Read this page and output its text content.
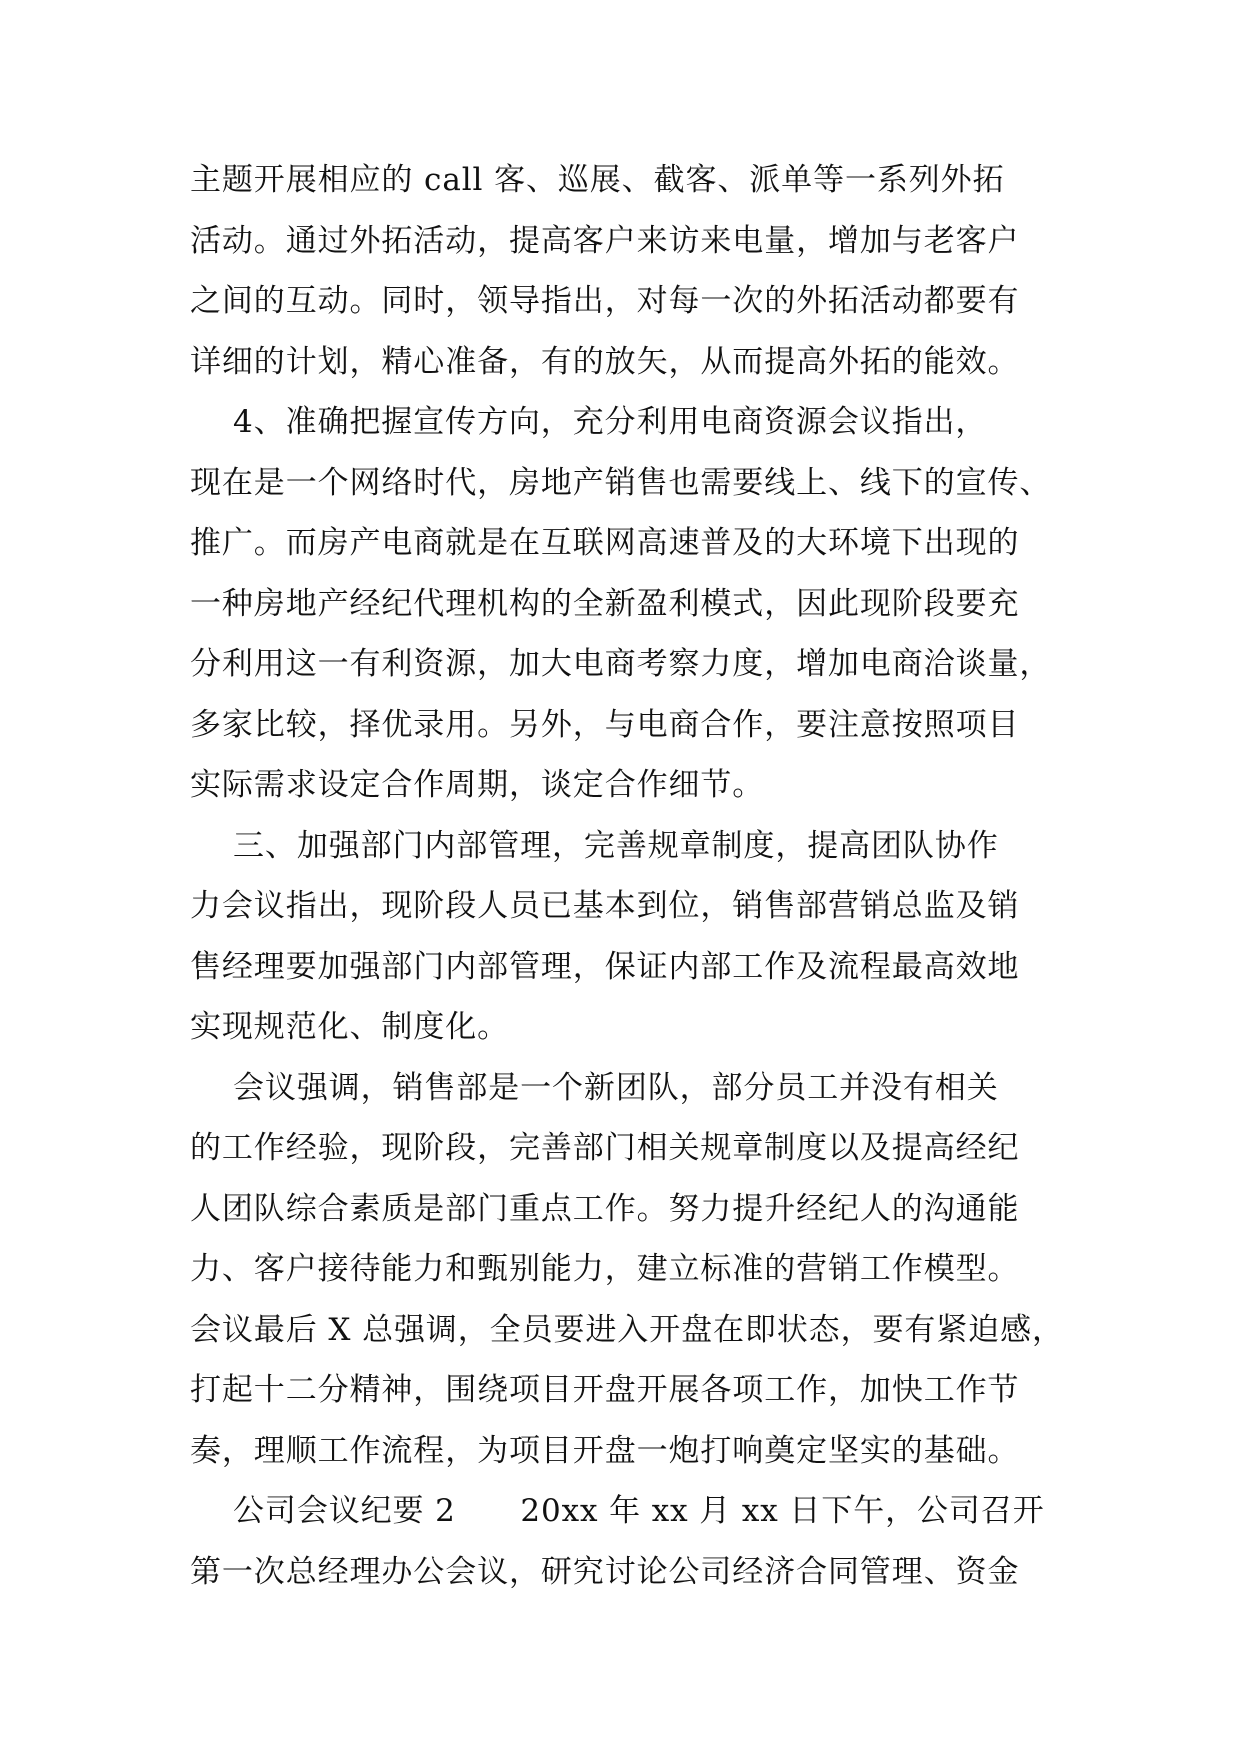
主题开展相应的 call 客、巡展、截客、派单等一系列外拓
活动。通过外拓活动，提高客户来访来电量，增加与老客户
之间的互动。同时，领导指出，对每一次的外拓活动都要有
详细的计划，精心准备，有的放矢，从而提高外拓的能效。
4、准确把握宣传方向，充分利用电商资源会议指出，
现在是一个网络时代，房地产销售也需要线上、线下的宣传、
推广。而房产电商就是在互联网高速普及的大环境下出现的
一种房地产经纪代理机构的全新盈利模式，因此现阶段要充
分利用这一有利资源，加大电商考察力度，增加电商洽谈量，
多家比较，择优录用。另外，与电商合作，要注意按照项目
实际需求设定合作周期，谈定合作细节。
三、加强部门内部管理，完善规章制度，提高团队协作
力会议指出，现阶段人员已基本到位，销售部营销总监及销
售经理要加强部门内部管理，保证内部工作及流程最高效地
实现规范化、制度化。
会议强调，销售部是一个新团队，部分员工并没有相关
的工作经验，现阶段，完善部门相关规章制度以及提高经纪
人团队综合素质是部门重点工作。努力提升经纪人的沟通能
力、客户接待能力和甄别能力，建立标准的营销工作模型。
会议最后 X 总强调，全员要进入开盘在即状态，要有紧迫感，
打起十二分精神，围绕项目开盘开展各项工作，加快工作节
奏，理顺工作流程，为项目开盘一炮打响奠定坚实的基础。
公司会议纪要 2      20xx 年 xx 月 xx 日下午，公司召开
第一次总经理办公会议，研究讨论公司经济合同管理、资金
